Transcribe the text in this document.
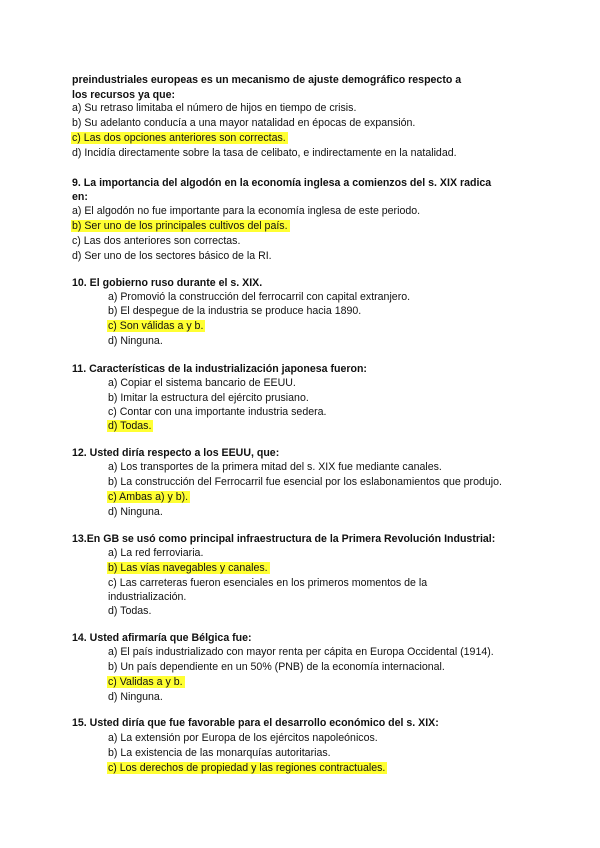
preindustriales europeas es un mecanismo de ajuste demográfico respecto a
los recursos ya que:
a) Su retraso limitaba el número de hijos en tiempo de crisis.
b) Su adelanto conducía a una mayor natalidad en épocas de expansión.
c) Las dos opciones anteriores son correctas.
d) Incidía directamente sobre la tasa de celibato, e indirectamente en la natalidad.
9. La importancia del algodón en la economía inglesa a comienzos del s. XIX radica
en:
a) El algodón no fue importante para la economía inglesa de este periodo.
b) Ser uno de los principales cultivos del país.
c) Las dos anteriores son correctas.
d) Ser uno de los sectores básico de la RI.
10. El gobierno ruso durante el s. XIX.
a) Promovió la construcción del ferrocarril con capital extranjero.
b) El despegue de la industria se produce hacia 1890.
c) Son válidas a y b.
d) Ninguna.
11. Características de la industrialización japonesa fueron:
a) Copiar el sistema bancario de EEUU.
b) Imitar la estructura del ejército prusiano.
c) Contar con una importante industria sedera.
d) Todas.
12. Usted diría respecto a los EEUU, que:
a) Los transportes de la primera mitad del s. XIX fue mediante canales.
b) La construcción del Ferrocarril fue esencial por los eslabonamientos que produjo.
c) Ambas a) y b).
d) Ninguna.
13.En GB se usó como principal infraestructura de la Primera Revolución Industrial:
a) La red ferroviaria.
b) Las vías navegables y canales.
c) Las carreteras fueron esenciales en los primeros momentos de la
industrialización.
d) Todas.
14. Usted afirmaría que Bélgica fue:
a) El país industrializado con mayor renta per cápita en Europa Occidental (1914).
b) Un país dependiente en un 50% (PNB) de la economía internacional.
c) Validas a y b.
d) Ninguna.
15. Usted diría que fue favorable para el desarrollo económico del s. XIX:
a) La extensión por Europa de los ejércitos napoleónicos.
b) La existencia de las monarquías autoritarias.
c) Los derechos de propiedad y las regiones contractuales.
